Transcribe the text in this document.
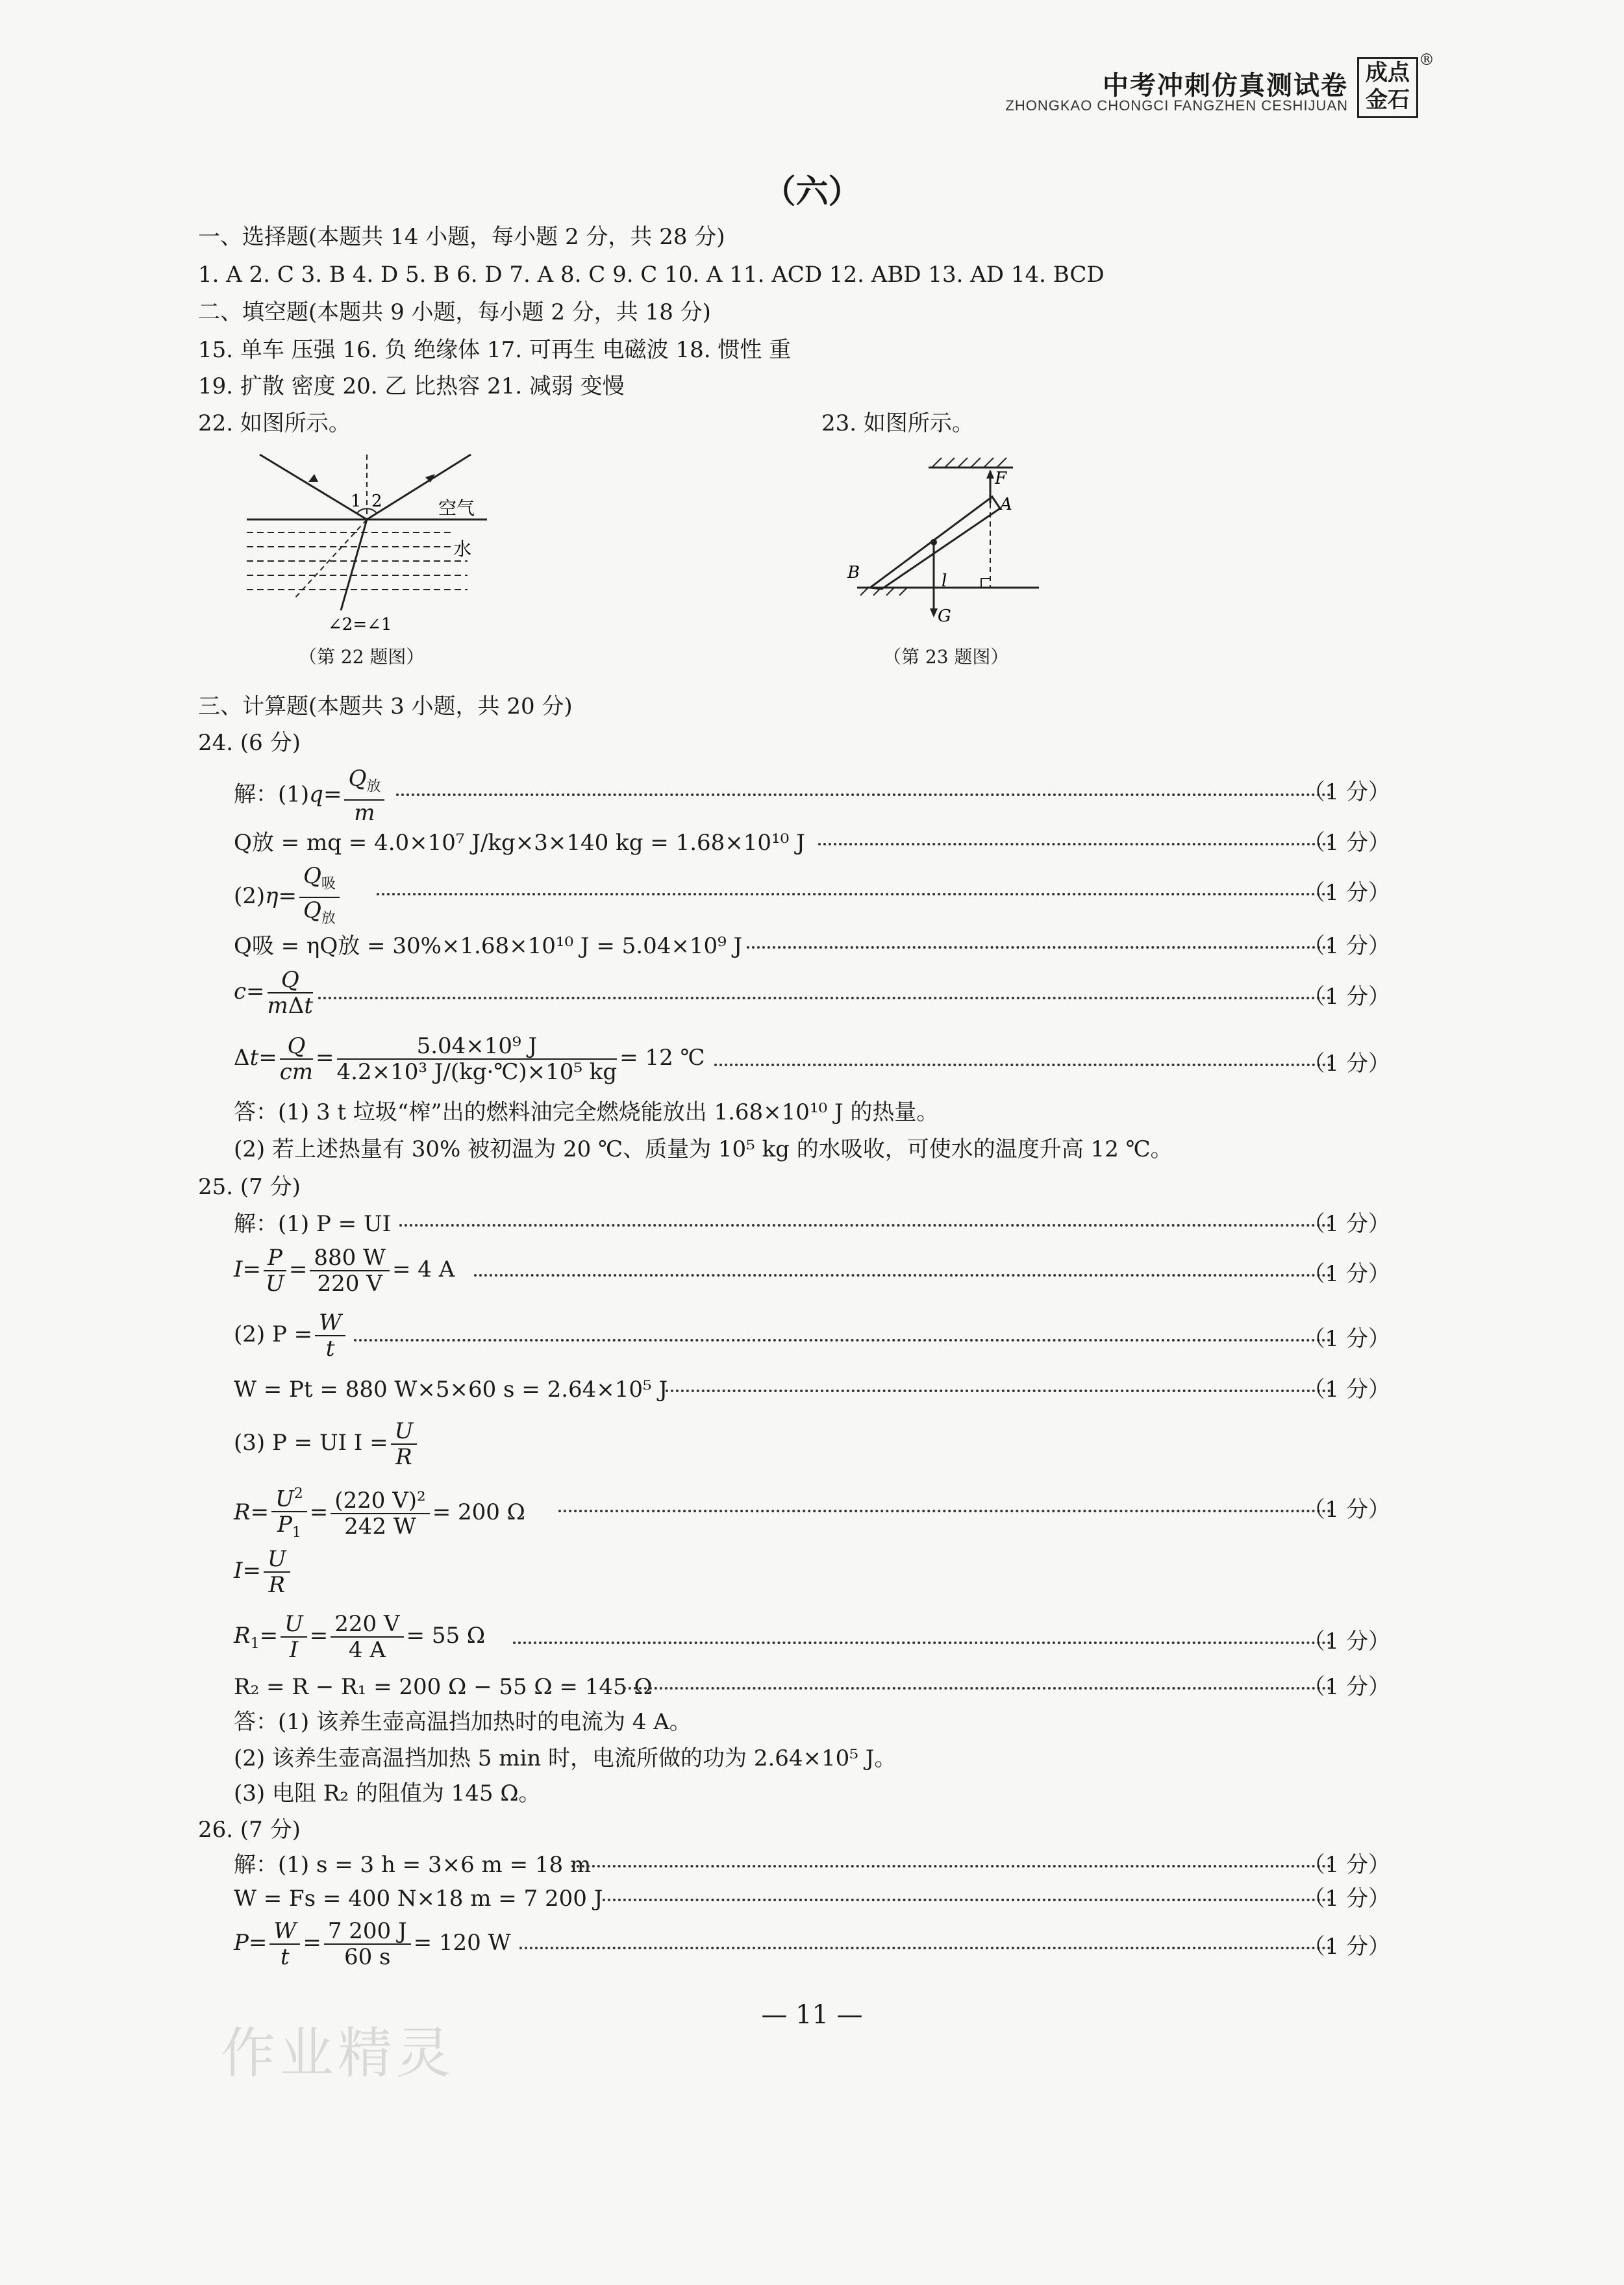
中考冲刺仿真测试卷
ZHONGKAO CHONGCI FANGZHEN CESHIJUAN
成点金石
®
（六）
一、选择题(本题共 14 小题，每小题 2 分，共 28 分)
1. A 2. C 3. B 4. D 5. B 6. D 7. A 8. C 9. C 10. A 11. ACD 12. ABD 13. AD 14. BCD
二、填空题(本题共 9 小题，每小题 2 分，共 18 分)
15. 单车 压强 16. 负 绝缘体 17. 可再生 电磁波 18. 惯性 重
19. 扩散 密度 20. 乙 比热容 21. 减弱 变慢
22. 如图所示。	23. 如图所示。
1 2	空气
水
∠2=∠1
（第 22 题图）
F
A
B	l
G
（第 23 题图）
三、计算题(本题共 3 小题，共 20 分)
24. (6 分)
解：$(1)q= \frac{Q_放}{m}$	（1 分）
Q放 = mq = 4.0×10⁷ J/kg×3×140 kg = 1.68×10¹⁰ J	（1 分）
$(2)\eta= \frac{Q_吸}{Q_放}$	（1 分）
Q吸 = ηQ放 = 30%×1.68×10¹⁰ J = 5.04×10⁹ J	（1 分）
$c= \frac{Q}{\text{mΔt}}$	（1 分）
$\Delta t= \frac{Q}{cm} = \frac{\text{5.04×10⁹ J}}{\text{4.2×10³ J/(kg·℃)×10⁵ kg}} = 12$ ℃	（1 分）
答：(1) 3 t 垃圾“榨”出的燃料油完全燃烧能放出 1.68×10¹⁰ J 的热量。
(2) 若上述热量有 30% 被初温为 20 ℃、质量为 10⁵ kg 的水吸收，可使水的温度升高 12 ℃。
25. (7 分)
解：(1) P = UI	（1 分）
$I= \frac{P}{U} = \frac{880 W}{220 V} = 4$ A	（1 分）
(2) $P = \frac{W}{t}$	（1 分）
W = Pt = 880 W×5×60 s = 2.64×10⁵ J	（1 分）
(3) P = UI $I = \frac{U}{R}$
$R= \frac{U^2}{P_1} = \frac{\text{(220 V)²}}{242 W} = 200$ Ω	（1 分）
$I= \frac{U}{R}$
$R_1= \frac{U}{I} = \frac{220 V}{4 A} = 55$ Ω	（1 分）
R₂ = R − R₁ = 200 Ω − 55 Ω = 145 Ω	（1 分）
答：(1) 该养生壶高温挡加热时的电流为 4 A。
(2) 该养生壶高温挡加热 5 min 时，电流所做的功为 2.64×10⁵ J。
(3) 电阻 R₂ 的阻值为 145 Ω。
26. (7 分)
解：(1) s = 3 h = 3×6 m = 18 m	（1 分）
W = Fs = 400 N×18 m = 7 200 J	（1 分）
$P= \frac{W}{t} = \frac{7 200 J}{60 s} = 120$ W	（1 分）
— 11 —
作业精灵
